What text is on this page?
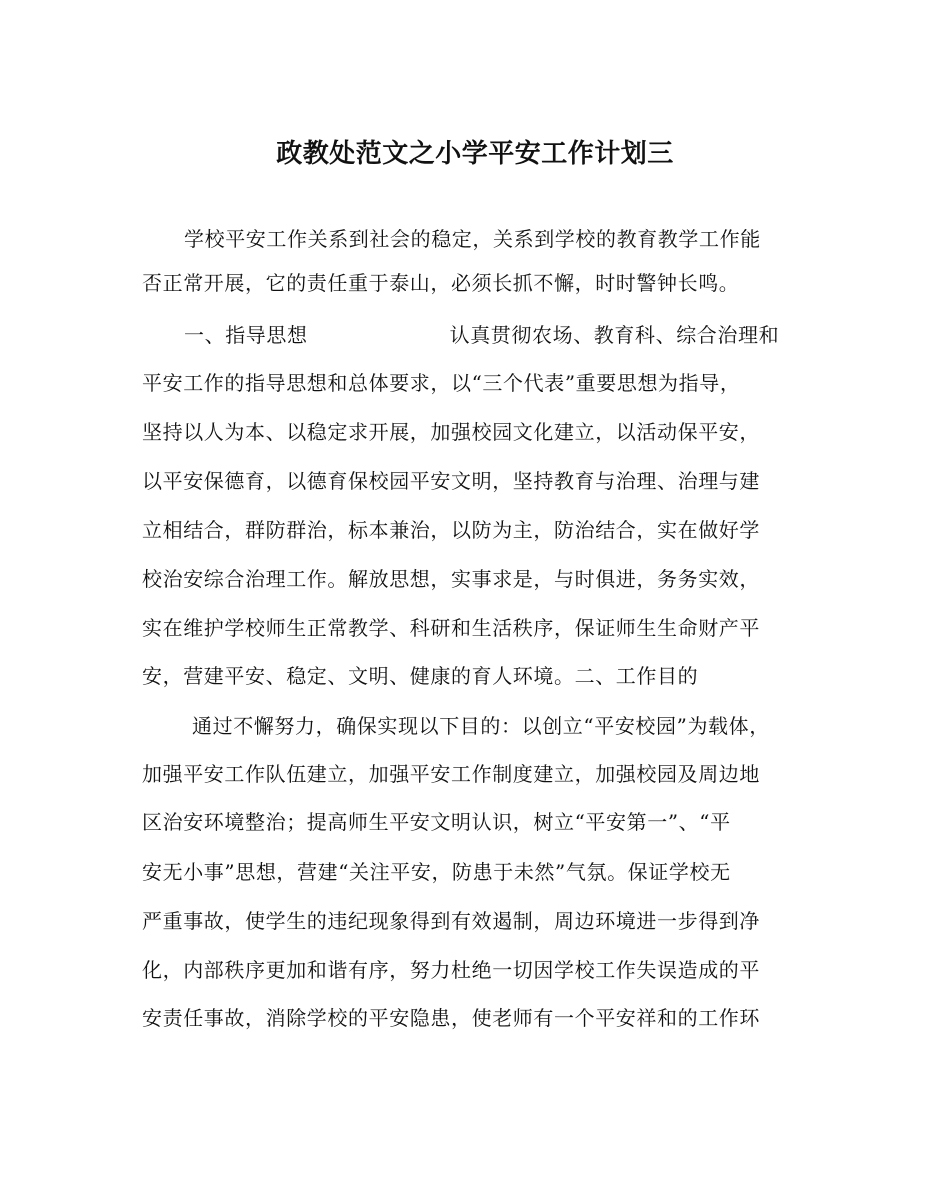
政教处范文之小学平安工作计划三
学校平安工作关系到社会的稳定，关系到学校的教育教学工作能
否正常开展，它的责任重于泰山，必须长抓不懈，时时警钟长鸣。
一、指导思想	认真贯彻农场、教育科、综合治理和
平安工作的指导思想和总体要求，以“三个代表”重要思想为指导，
坚持以人为本、以稳定求开展，加强校园文化建立，以活动保平安，
以平安保德育，以德育保校园平安文明，坚持教育与治理、治理与建
立相结合，群防群治，标本兼治，以防为主，防治结合，实在做好学
校治安综合治理工作。解放思想，实事求是，与时俱进，务务实效，
实在维护学校师生正常教学、科研和生活秩序，保证师生生命财产平
安，营建平安、稳定、文明、健康的育人环境。二、工作目的
通过不懈努力，确保实现以下目的：以创立“平安校园”为载体，
加强平安工作队伍建立，加强平安工作制度建立，加强校园及周边地
区治安环境整治；提高师生平安文明认识，树立“平安第一”、“平
安无小事”思想，营建“关注平安，防患于未然”气氛。保证学校无
严重事故，使学生的违纪现象得到有效遏制，周边环境进一步得到净
化，内部秩序更加和谐有序，努力杜绝一切因学校工作失误造成的平
安责任事故，消除学校的平安隐患，使老师有一个平安祥和的工作环
